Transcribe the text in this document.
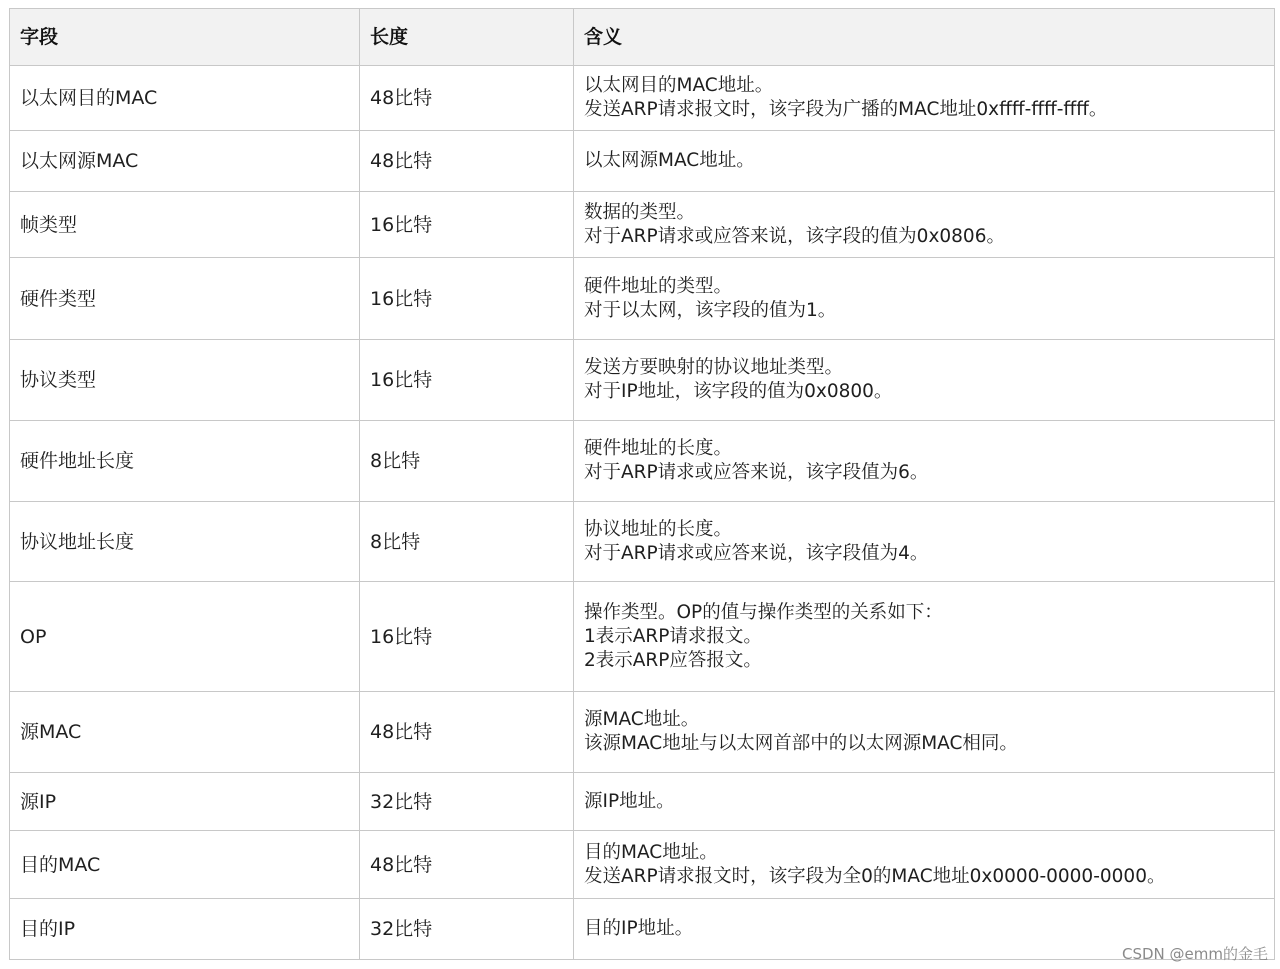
字段	长度	含义
以太网目的MAC	48比特	以太网目的MAC地址。
发送ARP请求报文时，该字段为广播的MAC地址0xffff-ffff-ffff。

以太网源MAC	48比特	以太网源MAC地址。

帧类型	16比特	数据的类型。
对于ARP请求或应答来说，该字段的值为0x0806。

硬件类型	16比特	硬件地址的类型。
对于以太网，该字段的值为1。

协议类型	16比特	发送方要映射的协议地址类型。
对于IP地址，该字段的值为0x0800。

硬件地址长度	8比特	硬件地址的长度。
对于ARP请求或应答来说，该字段值为6。

协议地址长度	8比特	协议地址的长度。
对于ARP请求或应答来说，该字段值为4。

OP	16比特	操作类型。OP的值与操作类型的关系如下：
1表示ARP请求报文。
2表示ARP应答报文。

源MAC	48比特	源MAC地址。
该源MAC地址与以太网首部中的以太网源MAC相同。

源IP	32比特	源IP地址。

目的MAC	48比特	目的MAC地址。
发送ARP请求报文时，该字段为全0的MAC地址0x0000-0000-0000。

目的IP	32比特	目的IP地址。
CSDN @emm的金毛
